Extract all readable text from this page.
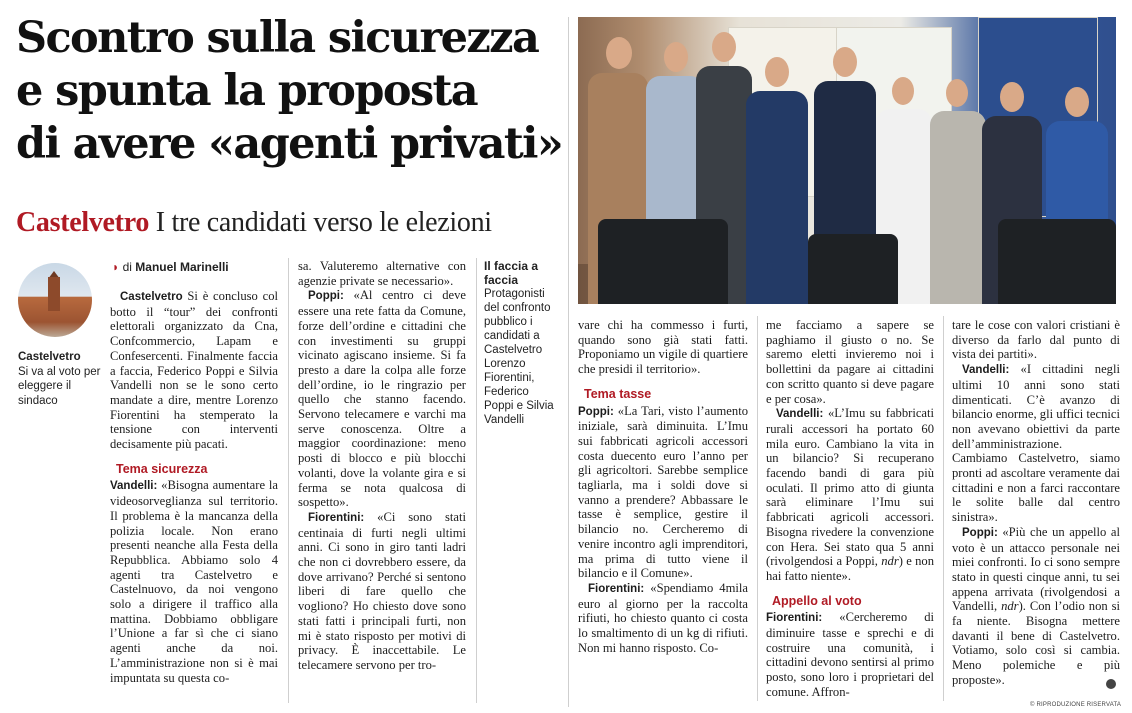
Scontro sulla sicurezza
e spunta la proposta
di avere «agenti privati»
Castelvetro I tre candidati verso le elezioni
Castelvetro
Si va al voto per eleggere il sindaco
◗ di Manuel Marinelli

Castelvetro Si è concluso col botto il “tour” dei confronti elettorali organizzato da Cna, Confcommercio, Lapam e Confesercenti. Finalmente faccia a faccia, Federico Poppi e Silvia Vandelli non se le sono certo mandate a dire, mentre Lorenzo Fiorentini ha stemperato la tensione con interventi decisamente più pacati.

Tema sicurezza

Vandelli: «Bisogna aumentare la videosorveglianza sul territorio. Il problema è la mancanza della polizia locale. Non erano presenti neanche alla Festa della Repubblica. Abbiamo solo 4 agenti tra Castelvetro e Castelnuovo, da noi vengono solo a dirigere il traffico alla mattina. Dobbiamo obbligare l’Unione a far sì che ci siano agenti anche da noi. L’amministrazione non si è mai impuntata su questa co-

sa. Valuteremo alternative con agenzie private se necessario».

Poppi: «Al centro ci deve essere una rete fatta da Comune, forze dell’ordine e cittadini che con investimenti su gruppi vicinato agiscano insieme. Si fa presto a dare la colpa alle forze dell’ordine, io le ringrazio per quello che stanno facendo. Servono telecamere e varchi ma serve conoscenza. Oltre a maggior coordinazione: meno posti di blocco e più blocchi volanti, dove la volante gira e si ferma se nota qualcosa di sospetto».

Fiorentini: «Ci sono stati centinaia di furti negli ultimi anni. Ci sono in giro tanti ladri che non ci dovrebbero essere, da dove arrivano? Perché si sentono liberi di fare quello che vogliono? Ho chiesto dove sono stati fatti i principali furti, non mi è stato risposto per motivi di privacy. È inaccettabile. Le telecamere servono per tro-

Il faccia a faccia
Protagonisti del confronto pubblico i candidati a Castelvetro Lorenzo Fiorentini, Federico Poppi e Silvia Vandelli

vare chi ha commesso i furti, quando sono già stati fatti. Proponiamo un vigile di quartiere che presidi il territorio».

Tema tasse

Poppi: «La Tari, visto l’aumento iniziale, sarà diminuita. L’Imu sui fabbricati agricoli accessori costa duecento euro l’anno per gli agricoltori. Sarebbe semplice tagliarla, ma i soldi dove si vanno a prendere? Abbassare le tasse è semplice, gestire il bilancio no. Cercheremo di venire incontro agli imprenditori, ma prima di tutto viene il bilancio e il Comune».

Fiorentini: «Spendiamo 4mila euro al giorno per la raccolta rifiuti, ho chiesto quanto ci costa lo smaltimento di un kg di rifiuti. Non mi hanno risposto. Co-

me facciamo a sapere se paghiamo il giusto o no. Se saremo eletti invieremo noi i bollettini da pagare ai cittadini con scritto quanto si deve pagare e per cosa».

Vandelli: «L’Imu su fabbricati rurali accessori ha portato 60 mila euro. Cambiano la vita in un bilancio? Si recuperano facendo bandi di gara più oculati. Il primo atto di giunta sarà eliminare l’Imu sui fabbricati agricoli accessori. Bisogna rivedere la convenzione con Hera. Sei stato qua 5 anni (rivolgendosi a Poppi, ndr) e non hai fatto niente».

Appello al voto

Fiorentini: «Cercheremo di diminuire tasse e sprechi e di costruire una comunità, i cittadini devono sentirsi al primo posto, sono loro i proprietari del comune. Affron-

tare le cose con valori cristiani è diverso da farlo dal punto di vista dei partiti».

Vandelli: «I cittadini negli ultimi 10 anni sono stati dimenticati. C’è avanzo di bilancio enorme, gli uffici tecnici non avevano obiettivi da parte dell’amministrazione. Cambiamo Castelvetro, siamo pronti ad ascoltare veramente dai cittadini e non a farci raccontare le solite balle dal centro sinistra».

Poppi: «Più che un appello al voto è un attacco personale nei miei confronti. Io ci sono sempre stato in questi cinque anni, tu sei appena arrivata (rivolgendosi a Vandelli, ndr). Con l’odio non si fa niente. Bisogna mettere davanti il bene di Castelvetro. Votiamo, solo così si cambia. Meno polemiche e più proposte».

© RIPRODUZIONE RISERVATA
